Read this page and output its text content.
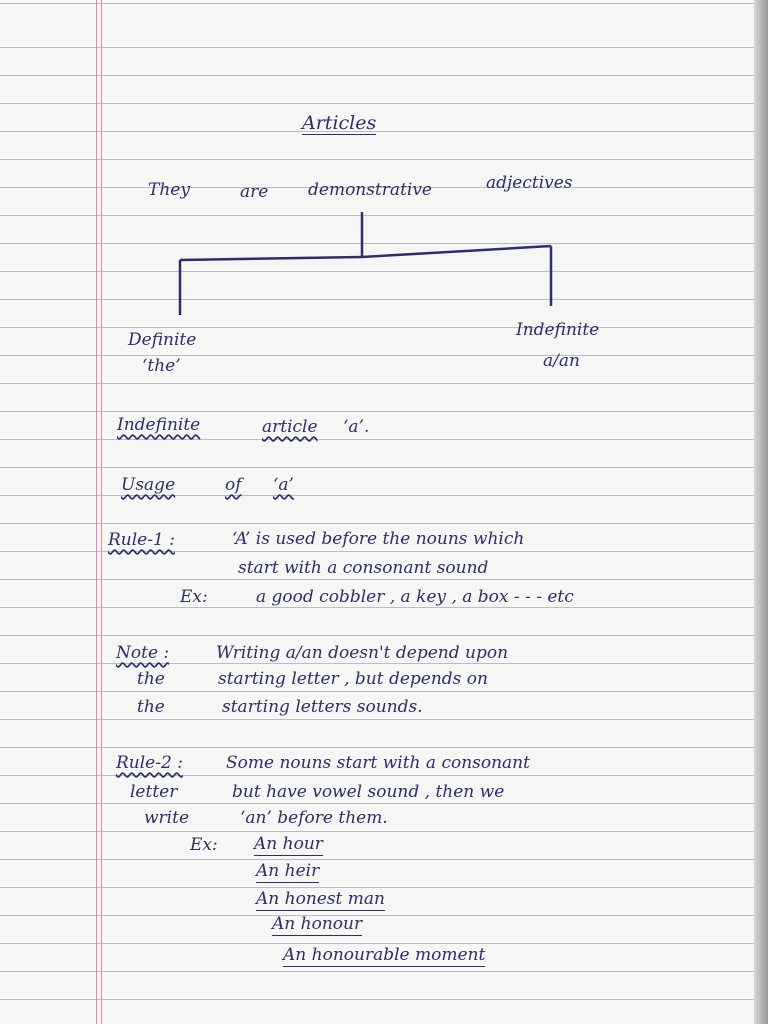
Articles
They	are demonstrative	adjectives
Definite
‘the’
Indefinite
a/an
Indefinite	article ‘a’.
Usage	of ‘a’
Rule-1 :	‘A’ is used before the nouns which
start with a consonant sound
Ex:	a good cobbler , a key , a box - - - etc
Note :	Writing a/an doesn't depend upon
the	starting letter , but depends on
the	starting letters sounds.
Rule-2 :	Some nouns start with a consonant
letter	but have vowel sound , then we
write	‘an’ before them.
Ex: An hour
An heir
An honest man
An honour
An honourable moment
